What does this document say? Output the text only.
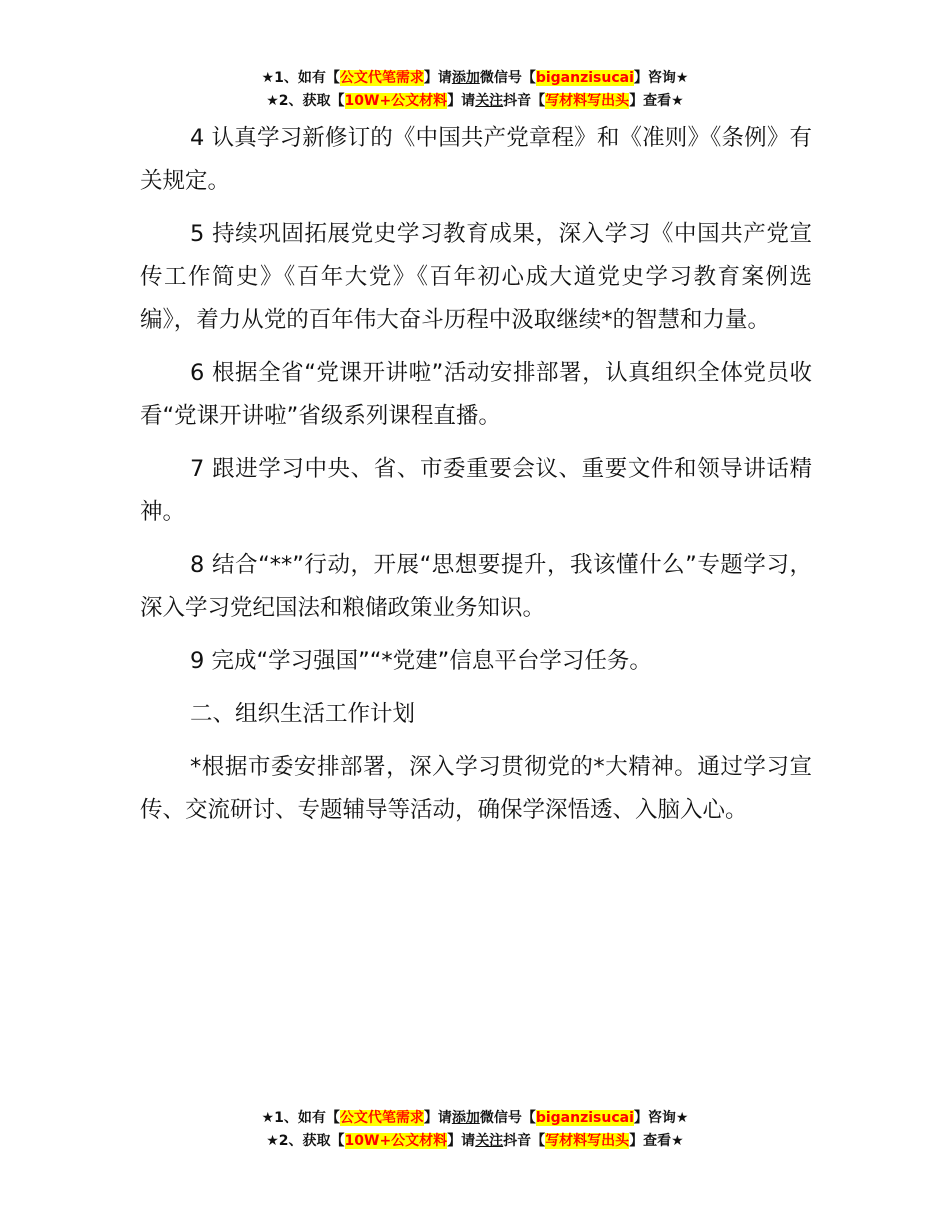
★1、如有【公文代笔需求】请添加微信号【biganzisucai】咨询★
★2、获取【10W+公文材料】请关注抖音【写材料写出头】查看★

4 认真学习新修订的《中国共产党章程》和《准则》《条例》有关规定。

5 持续巩固拓展党史学习教育成果，深入学习《中国共产党宣传工作简史》《百年大党》《百年初心成大道党史学习教育案例选编》，着力从党的百年伟大奋斗历程中汲取继续*的智慧和力量。

6 根据全省“党课开讲啦”活动安排部署，认真组织全体党员收看“党课开讲啦”省级系列课程直播。

7 跟进学习中央、省、市委重要会议、重要文件和领导讲话精神。

8 结合“**”行动，开展“思想要提升，我该懂什么”专题学习，深入学习党纪国法和粮储政策业务知识。

9 完成“学习强国”“*党建”信息平台学习任务。

二、组织生活工作计划

*根据市委安排部署，深入学习贯彻党的*大精神。通过学习宣传、交流研讨、专题辅导等活动，确保学深悟透、入脑入心。

★1、如有【公文代笔需求】请添加微信号【biganzisucai】咨询★
★2、获取【10W+公文材料】请关注抖音【写材料写出头】查看★
